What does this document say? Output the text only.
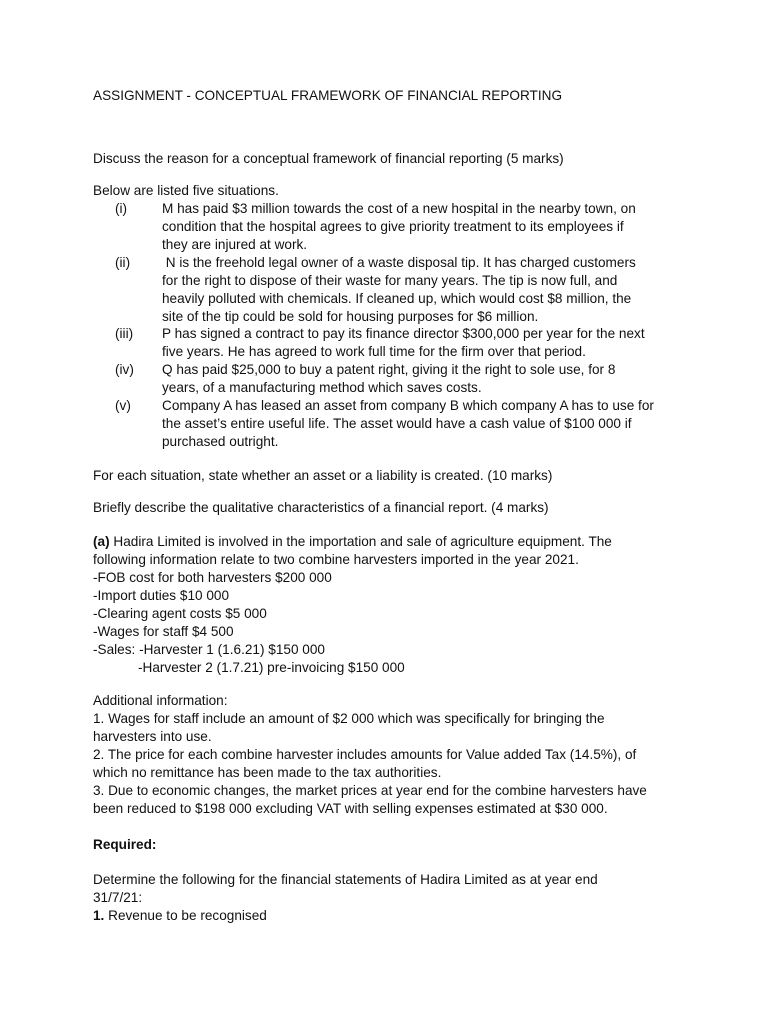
ASSIGNMENT - CONCEPTUAL FRAMEWORK OF FINANCIAL REPORTING
Discuss the reason for a conceptual framework of financial reporting (5 marks)
Below are listed five situations.
(i)	M has paid $3 million towards the cost of a new hospital in the nearby town, on
condition that the hospital agrees to give priority treatment to its employees if
they are injured at work.
(ii)	N is the freehold legal owner of a waste disposal tip. It has charged customers
for the right to dispose of their waste for many years. The tip is now full, and
heavily polluted with chemicals. If cleaned up, which would cost $8 million, the
site of the tip could be sold for housing purposes for $6 million.
(iii)	P has signed a contract to pay its finance director $300,000 per year for the next
five years. He has agreed to work full time for the firm over that period.
(iv)	Q has paid $25,000 to buy a patent right, giving it the right to sole use, for 8
years, of a manufacturing method which saves costs.
(v)	Company A has leased an asset from company B which company A has to use for
the asset’s entire useful life. The asset would have a cash value of $100 000 if
purchased outright.
For each situation, state whether an asset or a liability is created. (10 marks)
Briefly describe the qualitative characteristics of a financial report. (4 marks)
(a) Hadira Limited is involved in the importation and sale of agriculture equipment. The
following information relate to two combine harvesters imported in the year 2021.
-FOB cost for both harvesters $200 000
-Import duties $10 000
-Clearing agent costs $5 000
-Wages for staff $4 500
-Sales: -Harvester 1 (1.6.21) $150 000
-Harvester 2 (1.7.21) pre-invoicing $150 000
Additional information:
1. Wages for staff include an amount of $2 000 which was specifically for bringing the
harvesters into use.
2. The price for each combine harvester includes amounts for Value added Tax (14.5%), of
which no remittance has been made to the tax authorities.
3. Due to economic changes, the market prices at year end for the combine harvesters have
been reduced to $198 000 excluding VAT with selling expenses estimated at $30 000.
Required:
Determine the following for the financial statements of Hadira Limited as at year end
31/7/21:
1. Revenue to be recognised
